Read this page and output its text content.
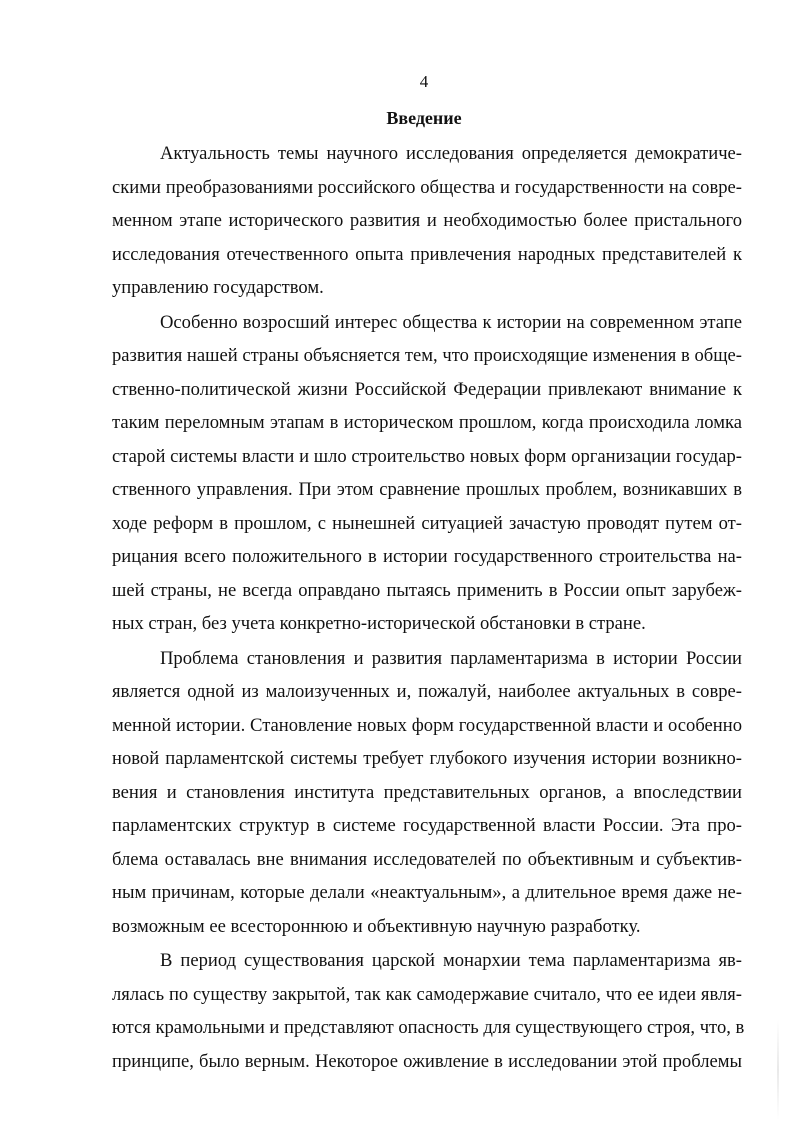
4
Введение

Актуальность темы научного исследования определяется демократиче-
скими преобразованиями российского общества и государственности на совре-
менном этапе исторического развития и необходимостью более пристального
исследования отечественного опыта привлечения народных представителей к
управлению государством.

Особенно возросший интерес общества к истории на современном этапе
развития нашей страны объясняется тем, что происходящие изменения в обще-
ственно-политической жизни Российской Федерации привлекают внимание к
таким переломным этапам в историческом прошлом, когда происходила ломка
старой системы власти и шло строительство новых форм организации государ-
ственного управления. При этом сравнение прошлых проблем, возникавших в
ходе реформ в прошлом, с нынешней ситуацией зачастую проводят путем от-
рицания всего положительного в истории государственного строительства на-
шей страны, не всегда оправдано пытаясь применить в России опыт зарубеж-
ных стран, без учета конкретно-исторической обстановки в стране.

Проблема становления и развития парламентаризма в истории России
является одной из малоизученных и, пожалуй, наиболее актуальных в совре-
менной истории. Становление новых форм государственной власти и особенно
новой парламентской системы требует глубокого изучения истории возникно-
вения и становления института представительных органов, а впоследствии
парламентских структур в системе государственной власти России. Эта про-
блема оставалась вне внимания исследователей по объективным и субъектив-
ным причинам, которые делали «неактуальным», а длительное время даже не-
возможным ее всестороннюю и объективную научную разработку.

В период существования царской монархии тема парламентаризма яв-
лялась по существу закрытой, так как самодержавие считало, что ее идеи явля-
ются крамольными и представляют опасность для существующего строя, что, в
принципе, было верным. Некоторое оживление в исследовании этой проблемы
